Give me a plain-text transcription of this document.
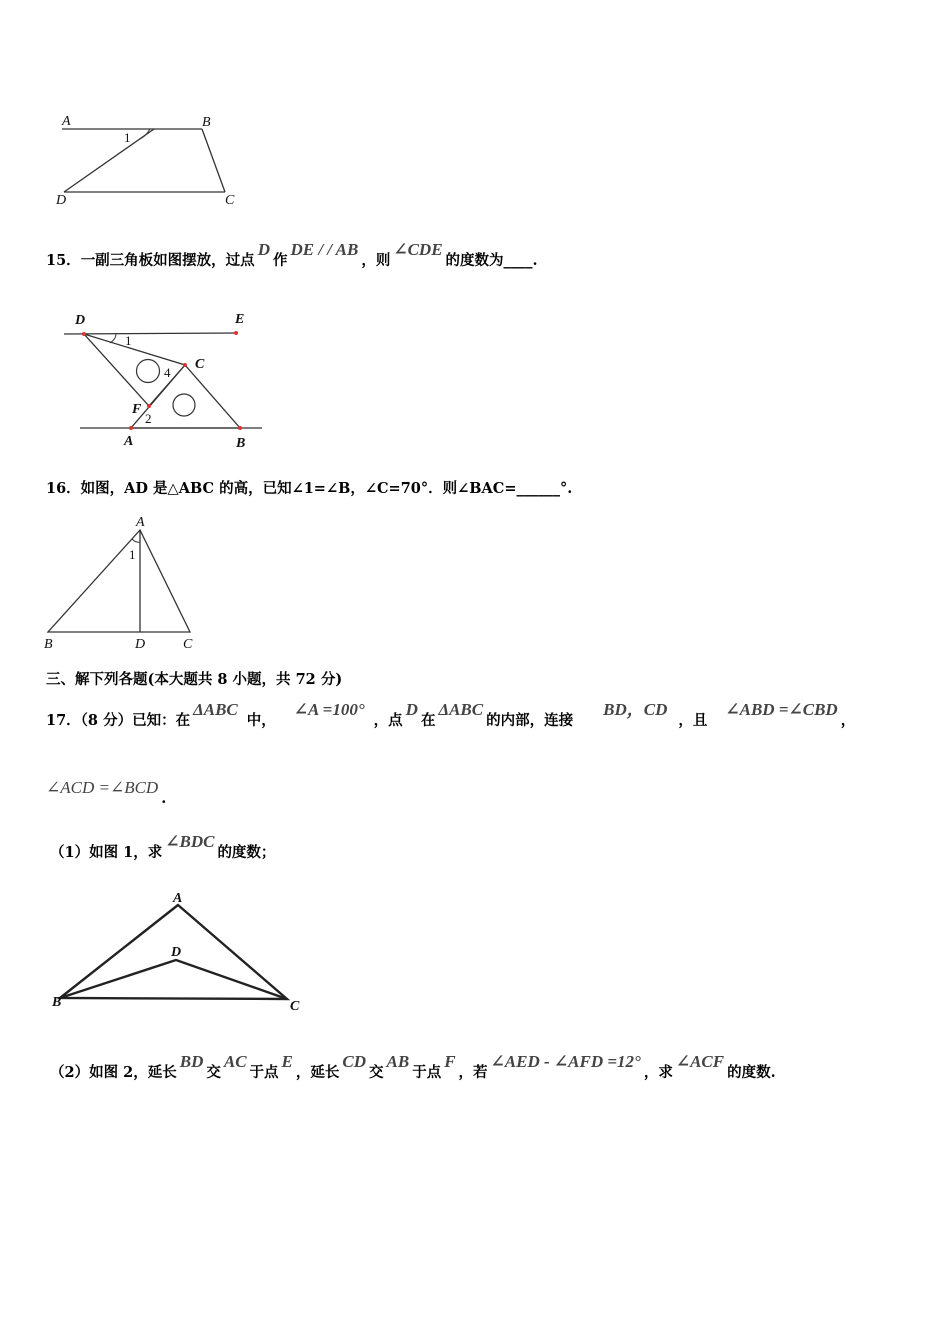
A	B
C
D
1
15．一副三角板如图摆放，过点D作DE / / AB，则∠CDE的度数为____.
D	E
C
F
A	B
1
2
4
16．如图，AD 是△ABC 的高，已知∠1=∠B，∠C=70°．则∠BAC=______°.
A
B	D	C
1
三、解下列各题(本大题共 8 小题，共 72 分)
17．（8 分）已知：在ΔABC中，∠A =100°，点D在ΔABC的内部，连接BD，CD，且∠ABD =∠CBD，
∠ACD =∠BCD.
（1）如图 1，求∠BDC的度数；
A
D
B	C
（2）如图 2，延长BD交AC于点E，延长CD交AB于点F，若∠AED - ∠AFD =12°，求∠ACF的度数.
